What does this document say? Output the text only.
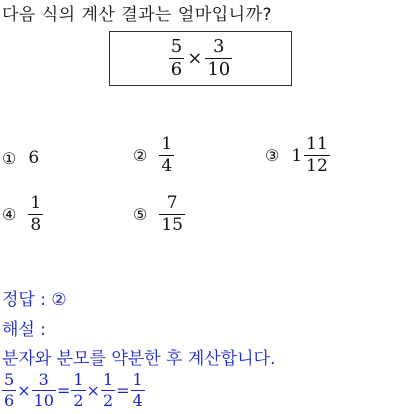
다음 식의 계산 결과는 얼마입니까?
$\frac{5}{6} \times \frac{3}{10}$
① 6	② $\frac{1}{4}$	③ $1 \frac{11}{12}$
④ $\frac{1}{8}$	⑤ $\frac{7}{15}$
정답 : ②
해설 :
분자와 분모를 약분한 후 계산합니다.
$\frac{5}{6} \times \frac{3}{10} = \frac{1}{2} \times \frac{1}{2} = \frac{1}{4}$
